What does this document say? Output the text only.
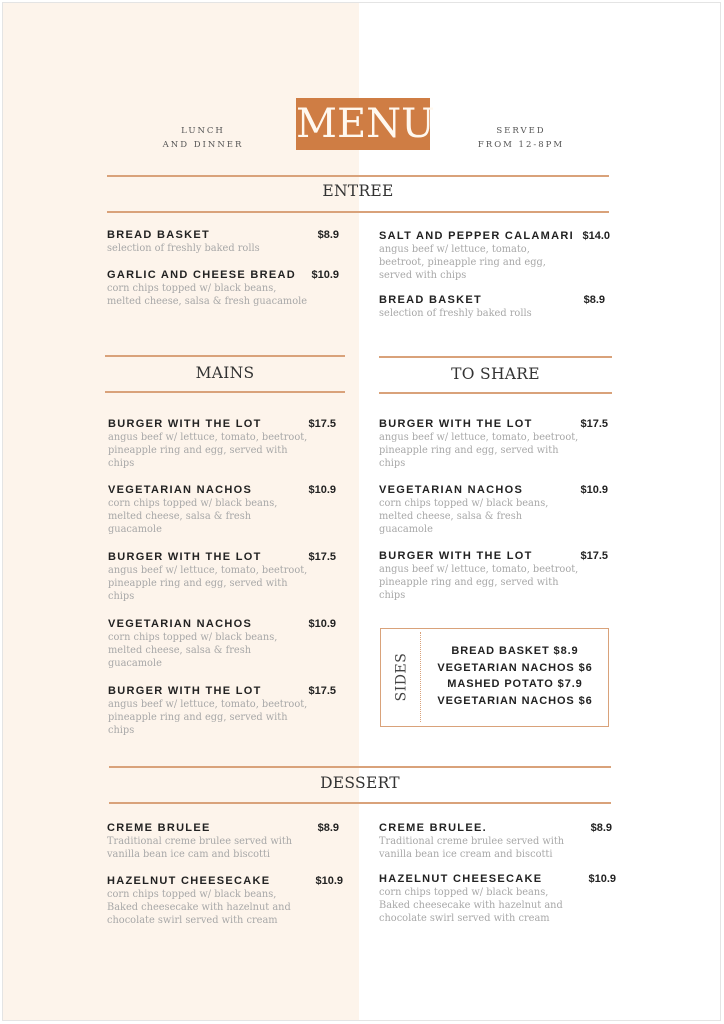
LUNCH
AND DINNER	MENU	SERVED
FROM 12-8PM
ENTREE
BREAD BASKET	$8.9
selection of freshly baked rolls
GARLIC AND CHEESE BREAD	$10.9
corn chips topped w/ black beans,
melted cheese, salsa & fresh guacamole
SALT AND PEPPER CALAMARI $14.0
angus beef w/ lettuce, tomato,
beetroot, pineapple ring and egg,
served with chips
BREAD BASKET	$8.9
selection of freshly baked rolls
MAINS	TO SHARE
BURGER WITH THE LOT	$17.5
angus beef w/ lettuce, tomato, beetroot,
pineapple ring and egg, served with
chips
VEGETARIAN NACHOS	$10.9
corn chips topped w/ black beans,
melted cheese, salsa & fresh
guacamole
BURGER WITH THE LOT	$17.5
angus beef w/ lettuce, tomato, beetroot,
pineapple ring and egg, served with
chips
VEGETARIAN NACHOS	$10.9
corn chips topped w/ black beans,
melted cheese, salsa & fresh
guacamole
BURGER WITH THE LOT	$17.5
angus beef w/ lettuce, tomato, beetroot,
pineapple ring and egg, served with
chips
BURGER WITH THE LOT	$17.5
angus beef w/ lettuce, tomato, beetroot,
pineapple ring and egg, served with
chips
VEGETARIAN NACHOS	$10.9
corn chips topped w/ black beans,
melted cheese, salsa & fresh
guacamole
BURGER WITH THE LOT	$17.5
angus beef w/ lettuce, tomato, beetroot,
pineapple ring and egg, served with
chips
SIDES
BREAD BASKET $8.9
VEGETARIAN NACHOS $6
MASHED POTATO $7.9
VEGETARIAN NACHOS $6
DESSERT
CREME BRULEE	$8.9
Traditional creme brulee served with
vanilla bean ice cam and biscotti
HAZELNUT CHEESECAKE	$10.9
corn chips topped w/ black beans,
Baked cheesecake with hazelnut and
chocolate swirl served with cream
CREME BRULEE.	$8.9
Traditional creme brulee served with
vanilla bean ice cream and biscotti
HAZELNUT CHEESECAKE	$10.9
corn chips topped w/ black beans,
Baked cheesecake with hazelnut and
chocolate swirl served with cream
